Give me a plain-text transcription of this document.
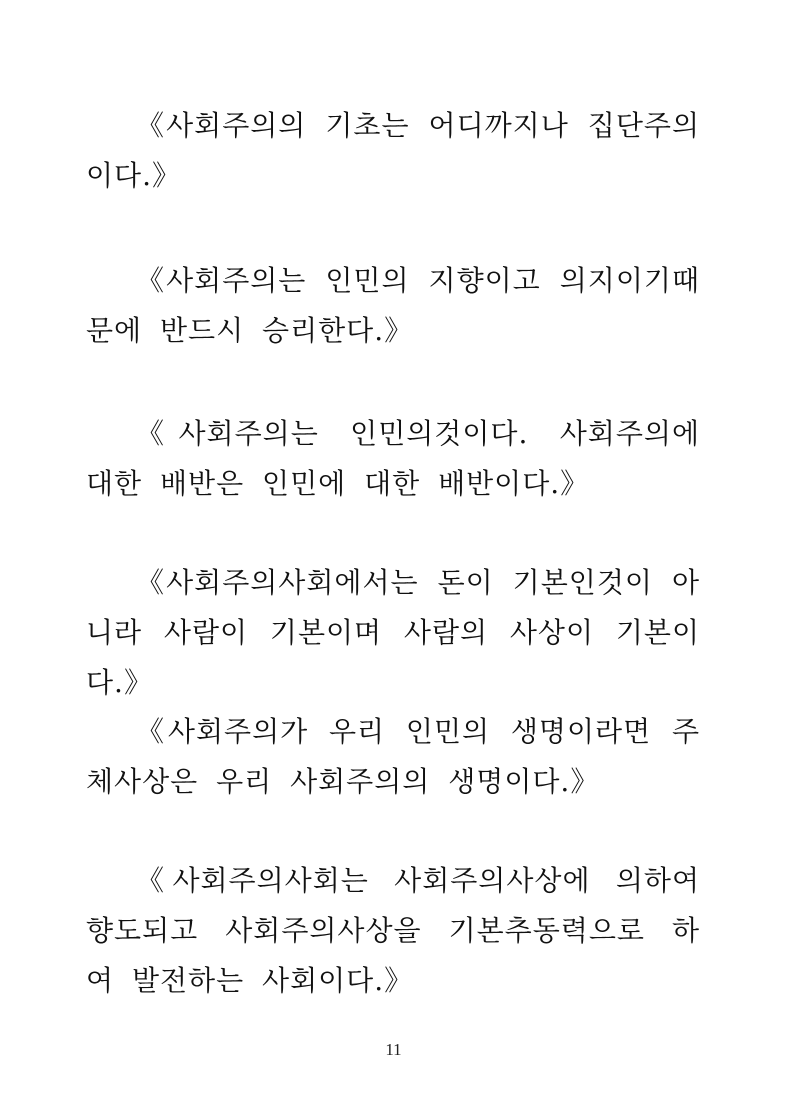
《사회주의의 기초는 어디까지나 집단주의이다.》

《사회주의는 인민의 지향이고 의지이기때문에 반드시 승리한다.》

《사회주의는 인민의것이다. 사회주의에 대한 배반은 인민에 대한 배반이다.》

《사회주의사회에서는 돈이 기본인것이 아니라 사람이 기본이며 사람의 사상이 기본이다.》

《사회주의가 우리 인민의 생명이라면 주체사상은 우리 사회주의의 생명이다.》

《사회주의사회는 사회주의사상에 의하여 향도되고 사회주의사상을 기본추동력으로 하여 발전하는 사회이다.》

11
